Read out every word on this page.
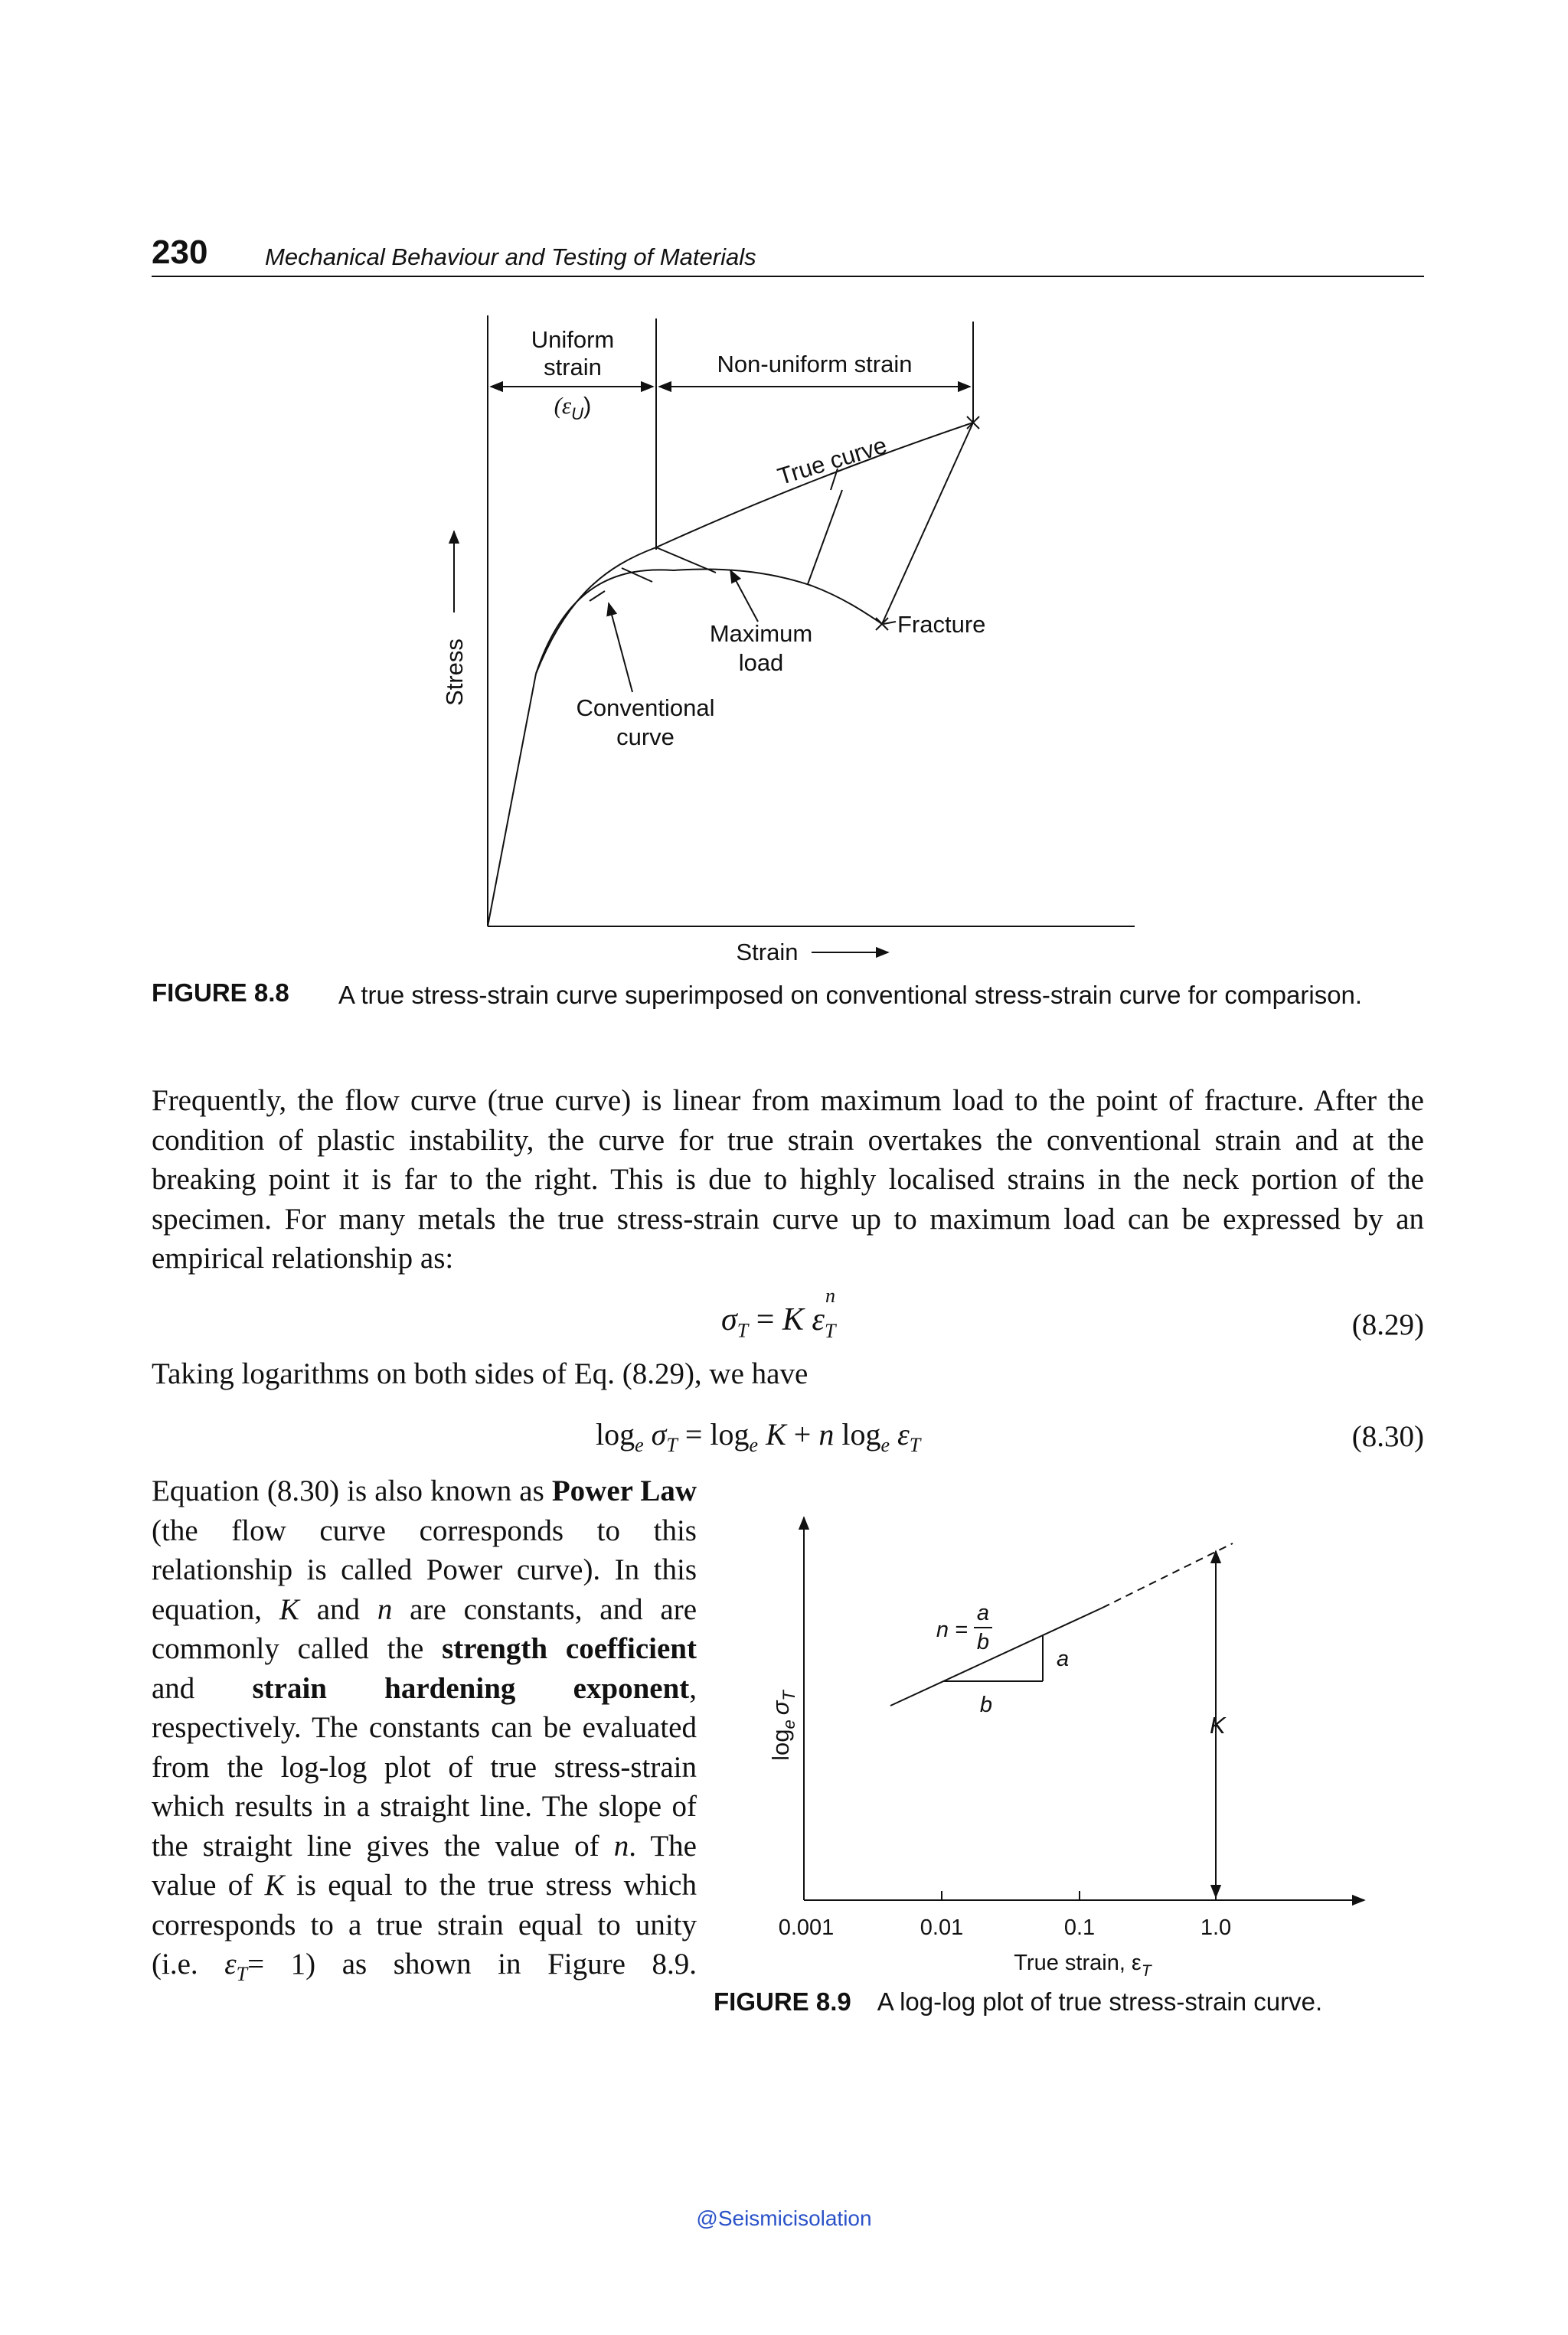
230 Mechanical Behaviour and Testing of Materials
Uniform
strain
$(\varepsilon_U)$
Non-uniform strain
True curve
Maximum
load
Fracture
Conventional
curve
Stress
Strain
FIGURE 8.8 A true stress-strain curve superimposed on conventional stress-strain curve for comparison.
Frequently, the flow curve (true curve) is linear from maximum load to the point of fracture. After the condition of plastic instability, the curve for true strain overtakes the conventional strain and at the breaking point it is far to the right. This is due to highly localised strains in the neck portion of the specimen. For many metals the true stress-strain curve up to maximum load can be expressed by an empirical relationship as:
$\sigma_T = K$ ε
n
$_T$	(8.29)
Taking logarithms on both sides of Eq. (8.29), we have
$\log_e \sigma_T = \log_e K + n$ $\log_e \varepsilon_T$	(8.30)
Equation (8.30) is also known as Power Law (the flow curve corresponds to this relationship is called Power curve). In this equation, K and n are constants, and are commonly called the strength coefficient and strain hardening exponent, respectively. The constants can be evaluated from the log-log plot of true stress-strain which results in a straight line. The slope of the straight line gives the value of n. The value of K is equal to the true stress which corresponds to a true strain equal to unity (i.e. $\varepsilon_T= 1$) as shown in Figure 8.9.
$\log_e\sigma_T$
0.001	0.01	0.1	1.0
True strain, $\varepsilon_T$
n =
a
b
a
b
K
FIGURE 8.9 A log-log plot of true stress-strain curve.
@Seismicisolation
